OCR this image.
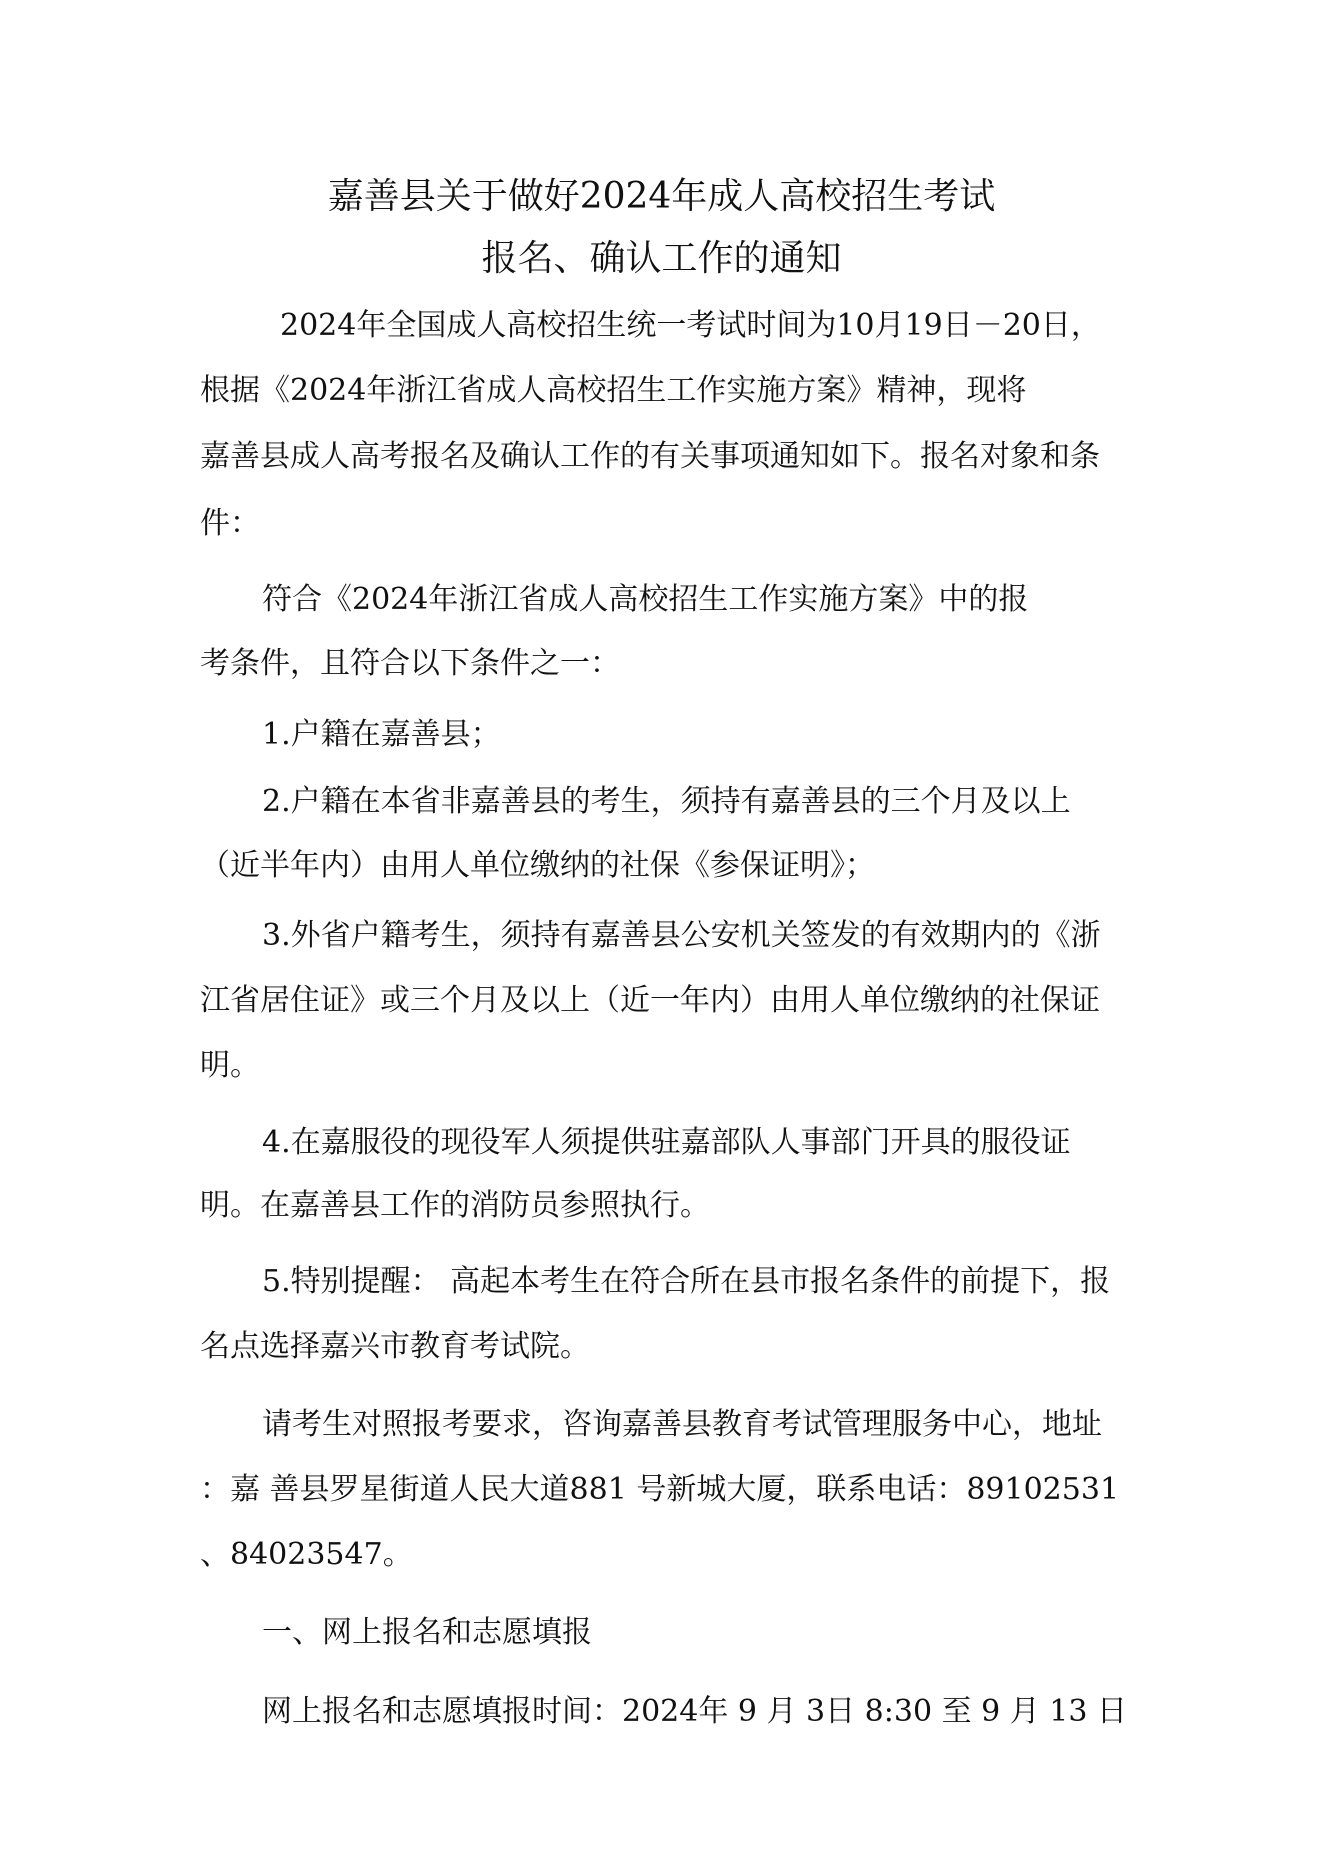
嘉善县关于做好2024年成人高校招生考试
报名、确认工作的通知
2024年全国成人高校招生统一考试时间为10月19日－20日，
根据《2024年浙江省成人高校招生工作实施方案》精神，现将
嘉善县成人高考报名及确认工作的有关事项通知如下。报名对象和条
件：
符合《2024年浙江省成人高校招生工作实施方案》中的报
考条件，且符合以下条件之一：
1.户籍在嘉善县；
2.户籍在本省非嘉善县的考生，须持有嘉善县的三个月及以上
（近半年内）由用人单位缴纳的社保《参保证明》；
3.外省户籍考生，须持有嘉善县公安机关签发的有效期内的《浙
江省居住证》或三个月及以上（近一年内）由用人单位缴纳的社保证
明。
4.在嘉服役的现役军人须提供驻嘉部队人事部门开具的服役证
明。在嘉善县工作的消防员参照执行。
5.特别提醒： 高起本考生在符合所在县市报名条件的前提下，报
名点选择嘉兴市教育考试院。
请考生对照报考要求，咨询嘉善县教育考试管理服务中心，地址
：嘉 善县罗星街道人民大道881 号新城大厦，联系电话：89102531
、84023547。
一、网上报名和志愿填报
网上报名和志愿填报时间：2024年 9 月 3日 8:30 至 9 月 13 日
